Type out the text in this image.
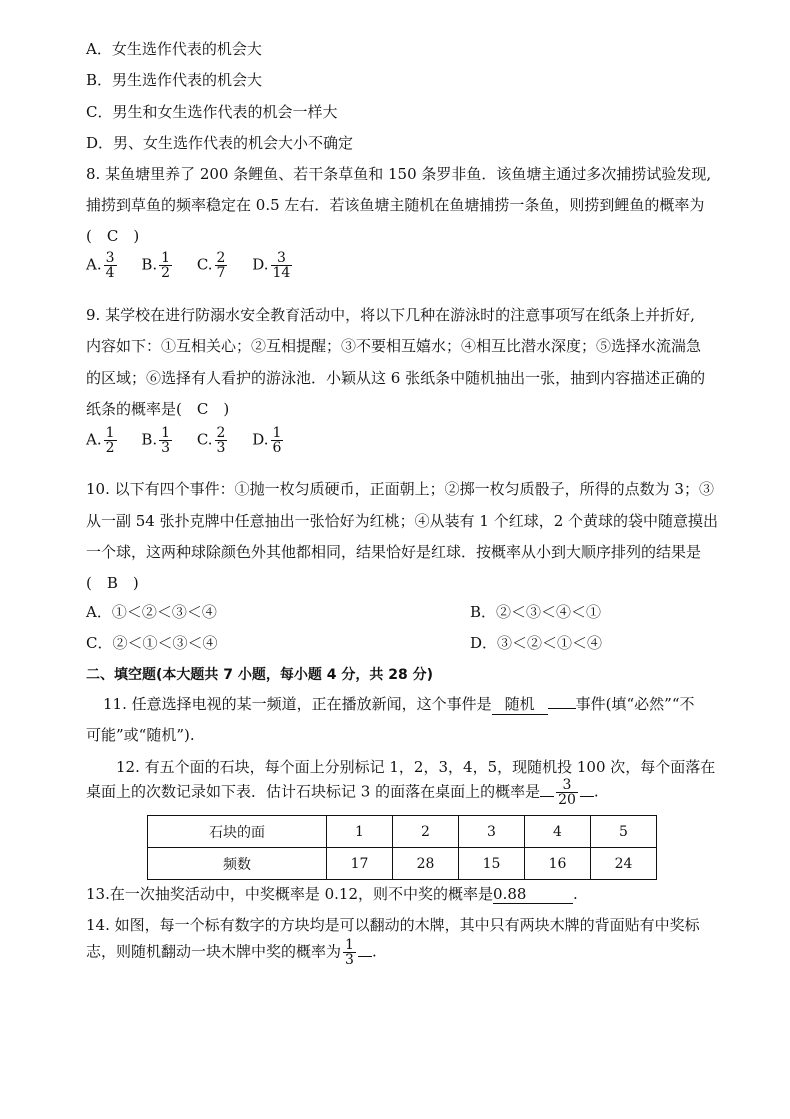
A．女生选作代表的机会大
B．男生选作代表的机会大
C．男生和女生选作代表的机会一样大
D．男、女生选作代表的机会大小不确定
8. 某鱼塘里养了 200 条鲤鱼、若干条草鱼和 150 条罗非鱼．该鱼塘主通过多次捕捞试验发现,
捕捞到草鱼的频率稳定在 0.5 左右．若该鱼塘主随机在鱼塘捕捞一条鱼，则捞到鲤鱼的概率为
(　C　)
A. $\frac{3}{4} B$. $\frac{1}{2} C$. $\frac{2}{7} D$. $\frac{3}{14}$
9. 某学校在进行防溺水安全教育活动中，将以下几种在游泳时的注意事项写在纸条上并折好,
内容如下：①互相关心；②互相提醒；③不要相互嬉水；④相互比潜水深度；⑤选择水流湍急
的区域；⑥选择有人看护的游泳池．小颖从这 6 张纸条中随机抽出一张，抽到内容描述正确的
纸条的概率是(　C　)
A. $\frac{1}{2} B$. $\frac{1}{3} C$. $\frac{2}{3} D$. $\frac{1}{6}$
10. 以下有四个事件：①抛一枚匀质硬币，正面朝上；②掷一枚匀质骰子，所得的点数为 3；③
从一副 54 张扑克牌中任意抽出一张恰好为红桃；④从装有 1 个红球，2 个黄球的袋中随意摸出
一个球，这两种球除颜色外其他都相同，结果恰好是红球．按概率从小到大顺序排列的结果是
(　B　)
A．①＜②＜③＜④	B．②＜③＜④＜①
C．②＜①＜③＜④	D．③＜②＜①＜④
二、填空题(本大题共 7 小题，每小题 4 分，共 28 分)
11. 任意选择电视的某一频道，正在播放新闻，这个事件是 随机	事件(填“必然”“不
可能”或“随机”).
12. 有五个面的石块，每个面上分别标记 1，2，3，4，5，现随机投 100 次，每个面落在
桌面上的次数记录如下表．估计石块标记 3 的面落在桌面上的概率是 $\frac{3}{20}$ .
石块的面	1	2	3	4	5
频数	17	28	15	16	24
13.在一次抽奖活动中，中奖概率是 0.12，则不中奖的概率是0.88	.
14. 如图，每一个标有数字的方块均是可以翻动的木牌，其中只有两块木牌的背面贴有中奖标
志，则随机翻动一块木牌中奖的概率为 $\frac{1}{3}$ .
